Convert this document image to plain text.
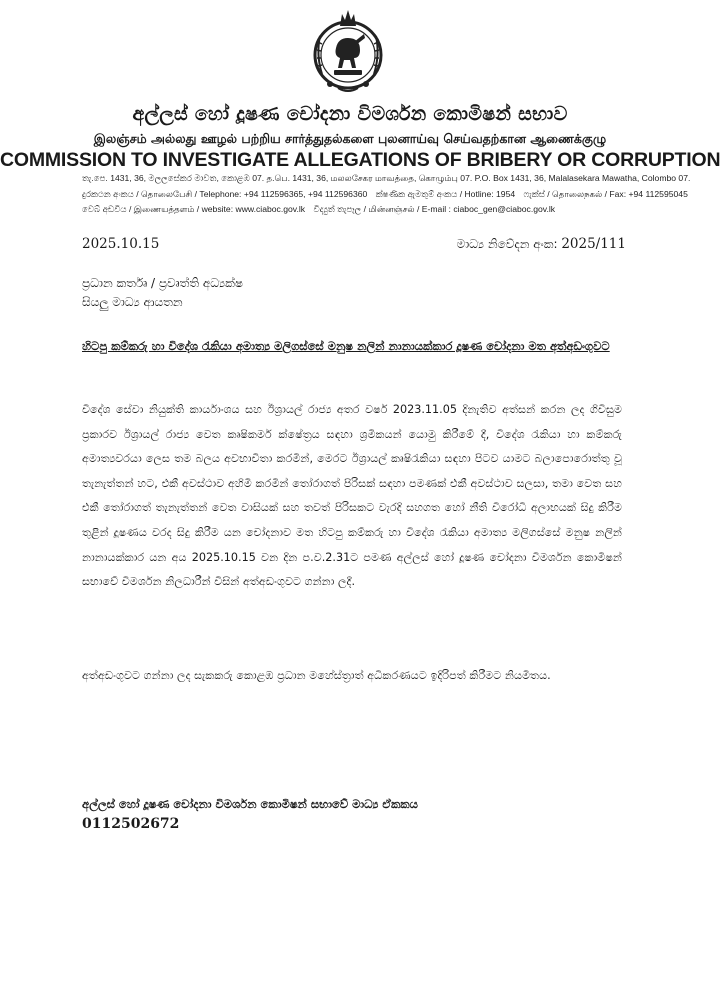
අල්ලස් හෝ දූෂණ චෝදනා විමර්ශන කොමිෂන් සභාව
இலஞ்சம் அல்லது ஊழல் பற்றிய சார்த்துதல்களை புலனாய்வு செய்வதற்கான ஆணைக்குழு
COMMISSION TO INVESTIGATE ALLEGATIONS OF BRIBERY OR CORRUPTION
තැ.පෙ. 1431, 36, මලලසේකර මාවත, කොළඹ 07. த.பெ. 1431, 36, மலலசேகர மாவத்தை, கொழும்பு 07. P.O. Box 1431, 36, Malalasekara Mawatha, Colombo 07.
දුරකථන අංකය / தொலைபேசி / Telephone: +94 112596365, +94 112596360 ක්ෂණික ඇමතුම් අංකය / Hotline: 1954 ෆැක්ස් / தொலைநகல் / Fax: +94 112595045
වෙබ් අඩවිය / இணையத்தளம் / website: www.ciaboc.gov.lk විද්‍යුත් තැපෑල / மின்னஞ்சல் / E-mail : ciaboc_gen@ciaboc.gov.lk
2025.10.15	මාධ්‍ය නිවේදන අංක: 2025/111
ප්‍රධාන කර්තෘ / ප්‍රවෘත්ති අධ්‍යක්ෂ
සියලු මාධ්‍ය ආයතන
හිටපු කම්කරු හා විදේශ රැකියා අමාත්‍ය මලිගස්සේ මනුෂ නලින් නානායක්කාර දූෂණ චෝදනා මත අත්අඩංගුවට
විදේශ සේවා නියුක්ති කාර්යාංශය සහ ඊශ්‍රායල් රාජ්‍ය අතර වර්ෂ 2023.11.05 දිනැතිව අත්සන් කරන ලද ගිවිසුම ප්‍රකාරව ඊශ්‍රායල් රාජ්‍ය වෙත කෘෂිකර්ම ක්ෂේත්‍රය සඳහා ශ්‍රමිකයන් යොමු කිරීමේ දී, විදේශ රැකියා හා කම්කරු අමාත්‍යවරයා ලෙස තම බලය අවභාවිතා කරමින්, මෙරට ඊශ්‍රායල් කෘෂිරැකියා සඳහා පිටව යාමට බලාපොරොත්තු වූ තැනැත්තන් හට, එකී අවස්ථාව අහිමි කරමින් තෝරාගත් පිරිසක් සඳහා පමණක් එකී අවස්ථාව සලසා, තමා වෙත සහ එකී තෝරාගත් තැනැත්තන් වෙත වාසියක් සහ තවත් පිරිසකට වැරදි සහගත හෝ නීති විරෝධී අලාභයක් සිදු කිරීම තුළින් දූෂණය වරද සිදු කිරීම යන චෝදනාව මත හිටපු කම්කරු හා විදේශ රැකියා අමාත්‍ය මලිගස්සේ මනුෂ නලින් නානායක්කාර යන අය 2025.10.15 වන දින ප.ව.2.31ට පමණ අල්ලස් හෝ දූෂණ චෝදනා විමර්ශන කොමිෂන් සභාවේ විමර්ශන නිලධාරීන් විසින් අත්අඩංගුවට ගන්නා ලදී.
අත්අඩංගුවට ගන්නා ලද සැකකරු කොළඹ ප්‍රධාන මහේස්ත්‍රාත් අධිකරණයට ඉදිරිපත් කිරීමට නියමිතය.
අල්ලස් හෝ දූෂණ චෝදනා විමර්ශන කොමිෂන් සභාවේ මාධ්‍ය ඒකකය
0112502672
